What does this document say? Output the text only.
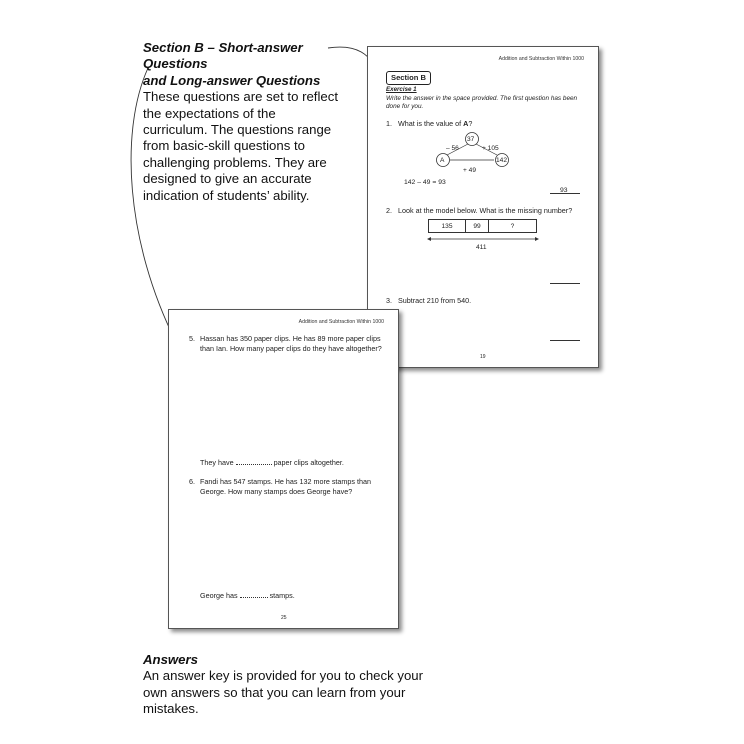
Section B – Short-answer Questions
and Long-answer Questions
These questions are set to reflect the expectations of the curriculum. The questions range from basic-skill questions to challenging problems. They are designed to give an accurate indication of students’ ability.
Addition and Subtraction Within 1000
Section B
Exercise 1
Write the answer in the space provided. The first question has been done for you.
1. What is the value of A?
37
A	142
– 56	+ 105
+ 49
142 – 49 = 93
93
2. Look at the model below. What is the missing number?
135	99	?
411
3. Subtract 210 from 540.
19
Addition and Subtraction Within 1000
5. Hassan has 350 paper clips. He has 89 more paper clips than Ian. How many paper clips do they have altogether?
They have	paper clips altogether.
6. Fandi has 547 stamps. He has 132 more stamps than George. How many stamps does George have?
George has	stamps.
25
Answers
An answer key is provided for you to check your own answers so that you can learn from your mistakes.
